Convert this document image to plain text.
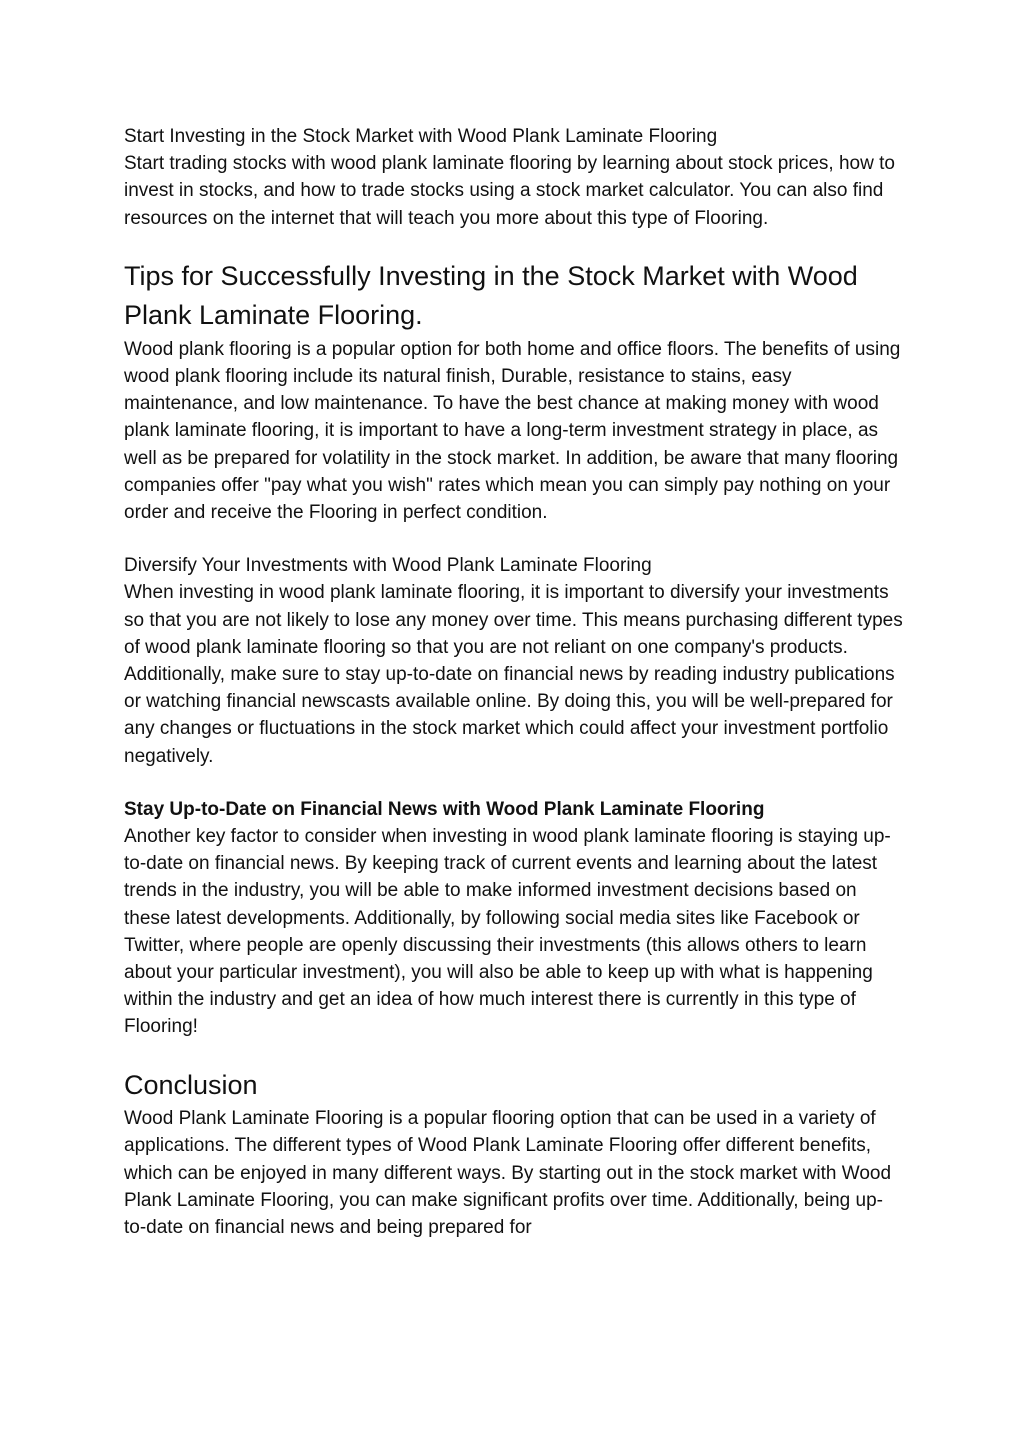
Start Investing in the Stock Market with Wood Plank Laminate Flooring

Start trading stocks with wood plank laminate flooring by learning about stock prices, how to invest in stocks, and how to trade stocks using a stock market calculator. You can also find resources on the internet that will teach you more about this type of Flooring.

Tips for Successfully Investing in the Stock Market with Wood Plank Laminate Flooring.

Wood plank flooring is a popular option for both home and office floors. The benefits of using wood plank flooring include its natural finish, Durable, resistance to stains, easy maintenance, and low maintenance. To have the best chance at making money with wood plank laminate flooring, it is important to have a long-term investment strategy in place, as well as be prepared for volatility in the stock market. In addition, be aware that many flooring companies offer "pay what you wish" rates which mean you can simply pay nothing on your order and receive the Flooring in perfect condition.

Diversify Your Investments with Wood Plank Laminate Flooring

When investing in wood plank laminate flooring, it is important to diversify your investments so that you are not likely to lose any money over time. This means purchasing different types of wood plank laminate flooring so that you are not reliant on one company's products. Additionally, make sure to stay up-to-date on financial news by reading industry publications or watching financial newscasts available online. By doing this, you will be well-prepared for any changes or fluctuations in the stock market which could affect your investment portfolio negatively.

Stay Up-to-Date on Financial News with Wood Plank Laminate Flooring

Another key factor to consider when investing in wood plank laminate flooring is staying up-to-date on financial news. By keeping track of current events and learning about the latest trends in the industry, you will be able to make informed investment decisions based on these latest developments. Additionally, by following social media sites like Facebook or Twitter, where people are openly discussing their investments (this allows others to learn about your particular investment), you will also be able to keep up with what is happening within the industry and get an idea of how much interest there is currently in this type of Flooring!

Conclusion

Wood Plank Laminate Flooring is a popular flooring option that can be used in a variety of applications. The different types of Wood Plank Laminate Flooring offer different benefits, which can be enjoyed in many different ways. By starting out in the stock market with Wood Plank Laminate Flooring, you can make significant profits over time. Additionally, being up-to-date on financial news and being prepared for
